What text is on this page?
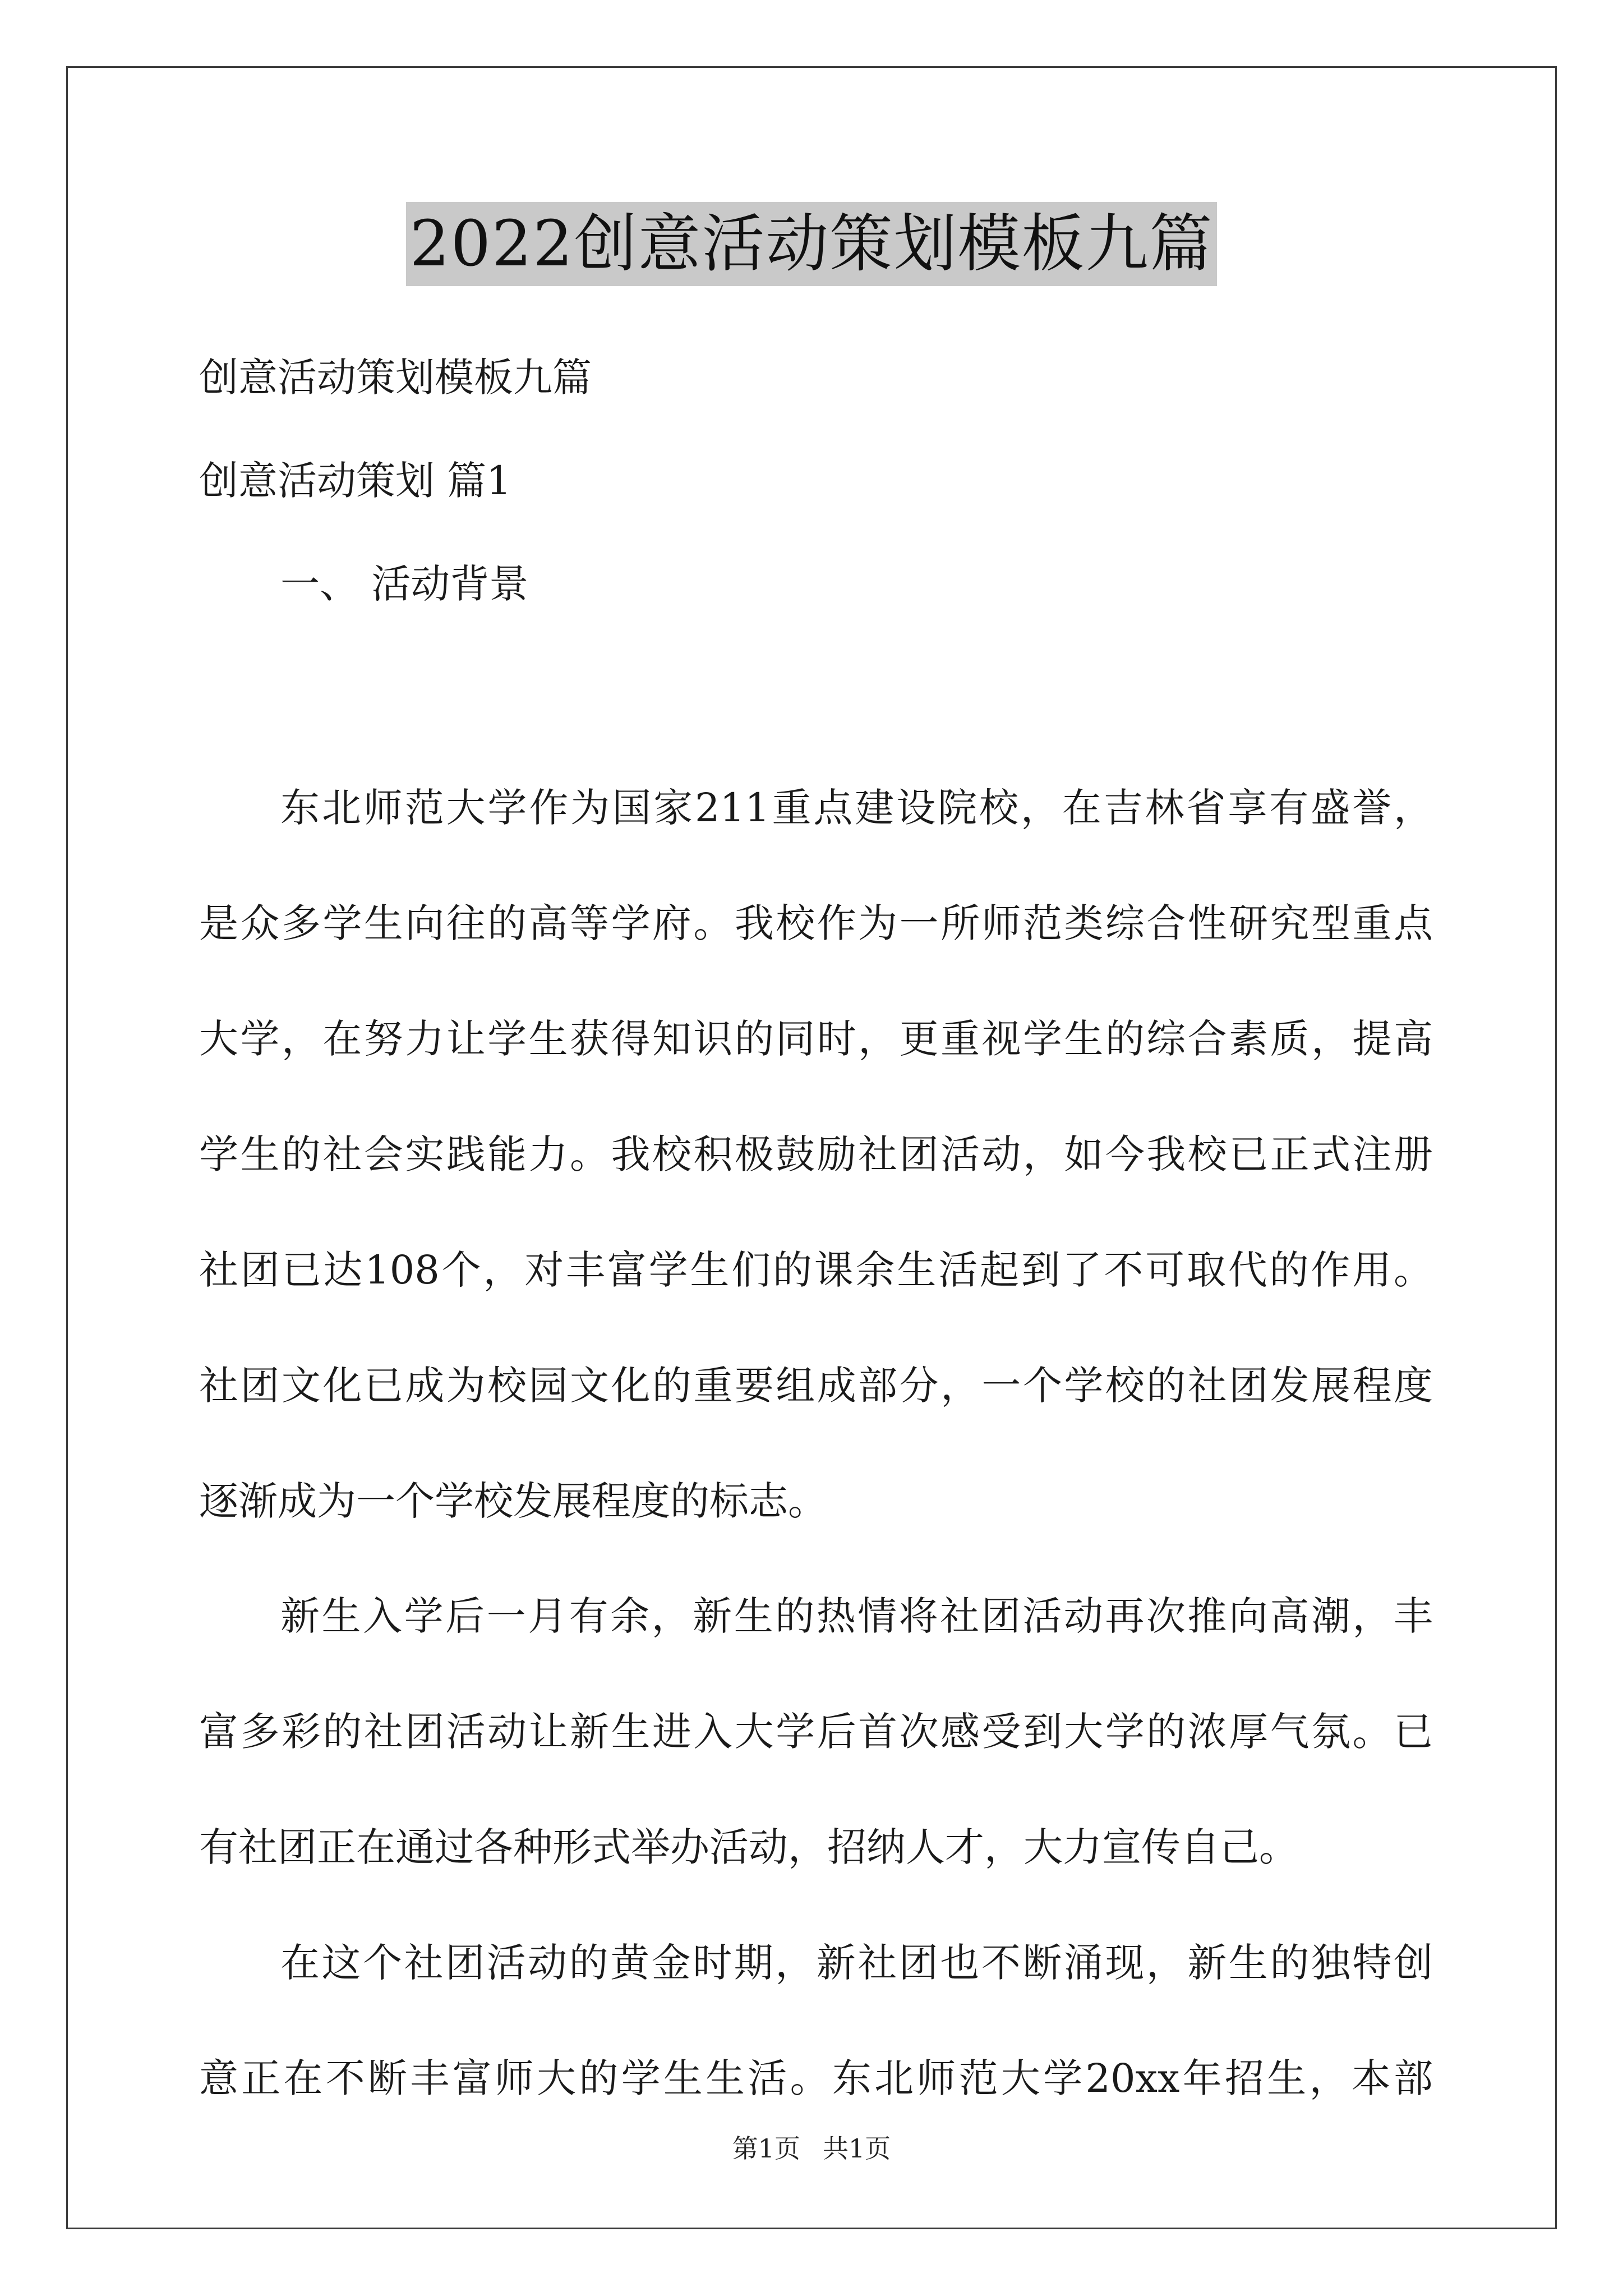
2022创意活动策划模板九篇
创意活动策划模板九篇
创意活动策划 篇1
一、 活动背景
东北师范大学作为国家211重点建设院校，在吉林省享有盛誉，
是众多学生向往的高等学府。我校作为一所师范类综合性研究型重点
大学，在努力让学生获得知识的同时，更重视学生的综合素质，提高
学生的社会实践能力。我校积极鼓励社团活动，如今我校已正式注册
社团已达108个，对丰富学生们的课余生活起到了不可取代的作用。
社团文化已成为校园文化的重要组成部分，一个学校的社团发展程度
逐渐成为一个学校发展程度的标志。
新生入学后一月有余，新生的热情将社团活动再次推向高潮，丰
富多彩的社团活动让新生进入大学后首次感受到大学的浓厚气氛。已
有社团正在通过各种形式举办活动，招纳人才，大力宣传自己。
在这个社团活动的黄金时期，新社团也不断涌现，新生的独特创
意正在不断丰富师大的学生生活。东北师范大学20xx年招生，本部
第1页 共1页
